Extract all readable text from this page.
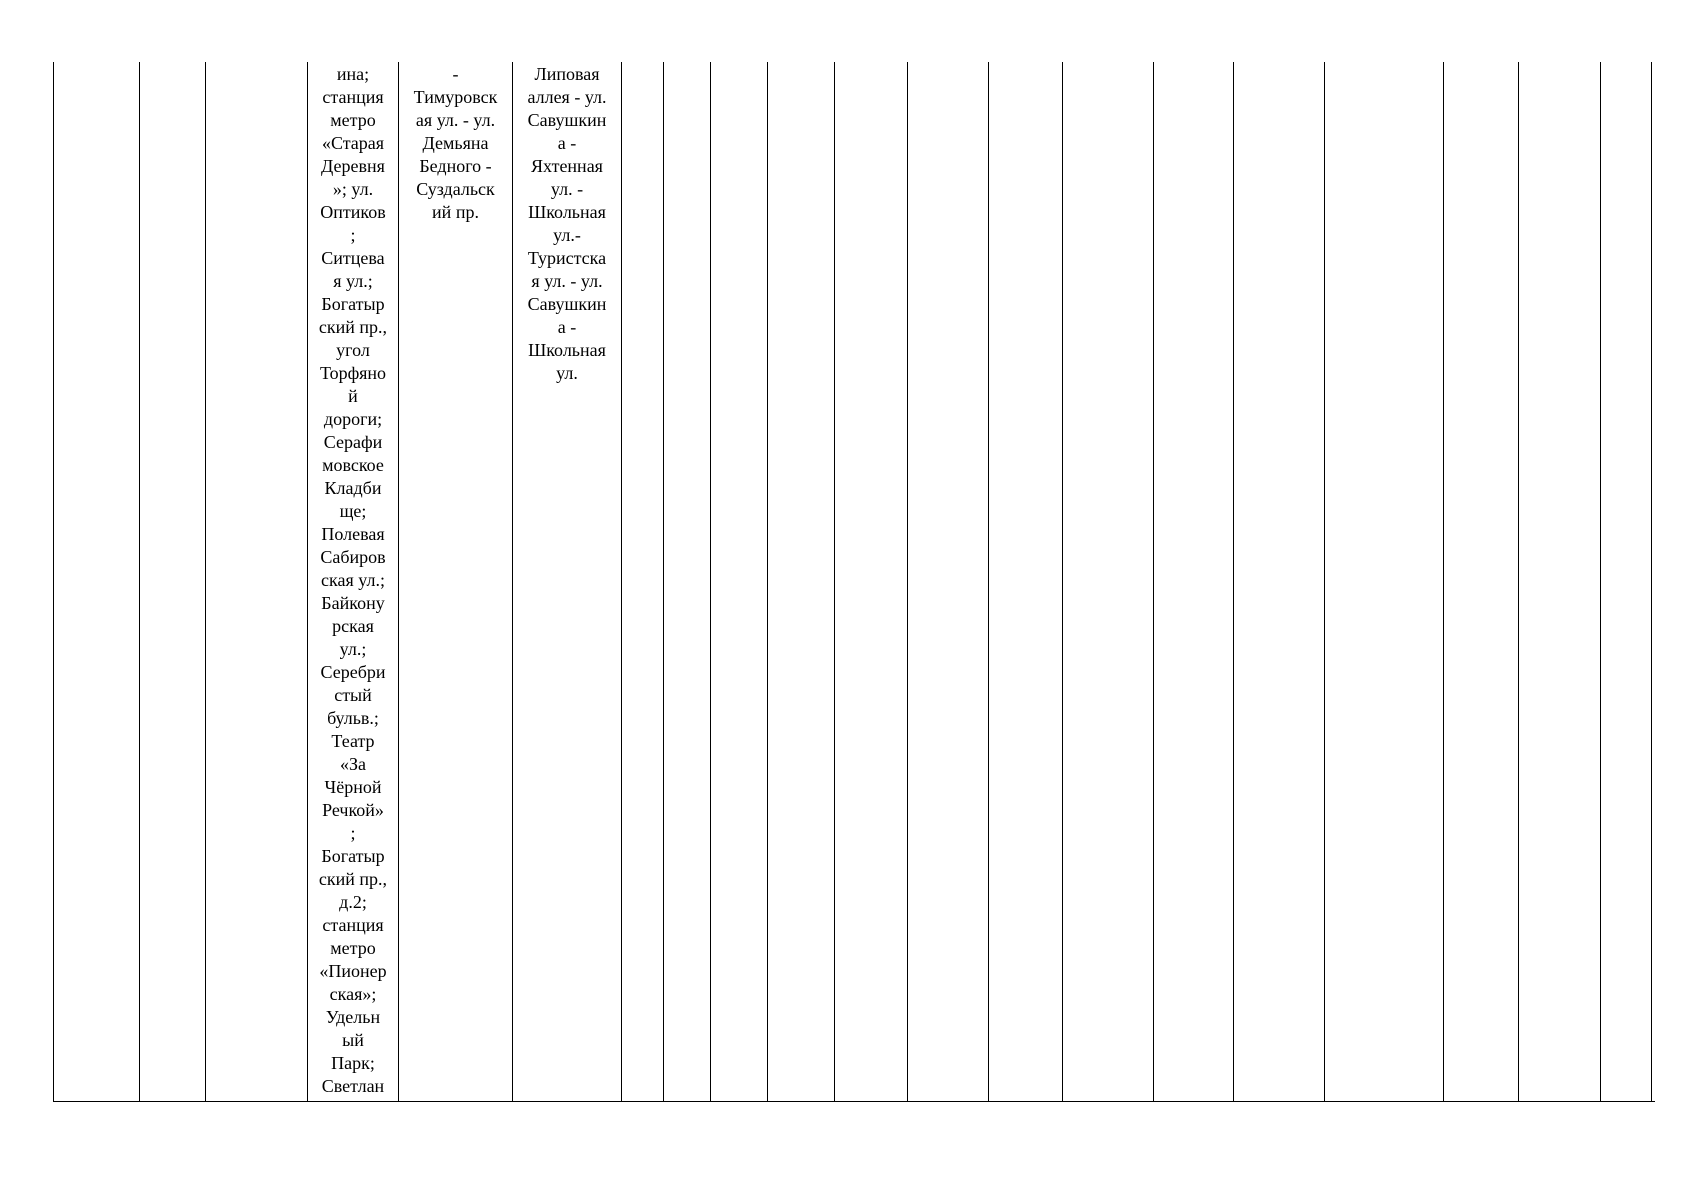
ина;
станция
метро
«Старая
Деревня
»; ул.
Оптиков
;
Ситцева
я ул.;
Богатыр
ский пр.,
угол
Торфяно
й
дороги;
Серафи
мовское
Кладби
ще;
Полевая
Сабиров
ская ул.;
Байкону
рская
ул.;
Серебри
стый
бульв.;
Театр
«За
Чёрной
Речкой»
;
Богатыр
ский пр.,
д.2;
станция
метро
«Пионер
ская»;
Удельн
ый
Парк;
Светлан
-
Тимуровск
ая ул. - ул.
Демьяна
Бедного -
Суздальск
ий пр.
Липовая
аллея - ул.
Савушкин
а -
Яхтенная
ул. -
Школьная
ул.-
Туристска
я ул. - ул.
Савушкин
а -
Школьная
ул.
